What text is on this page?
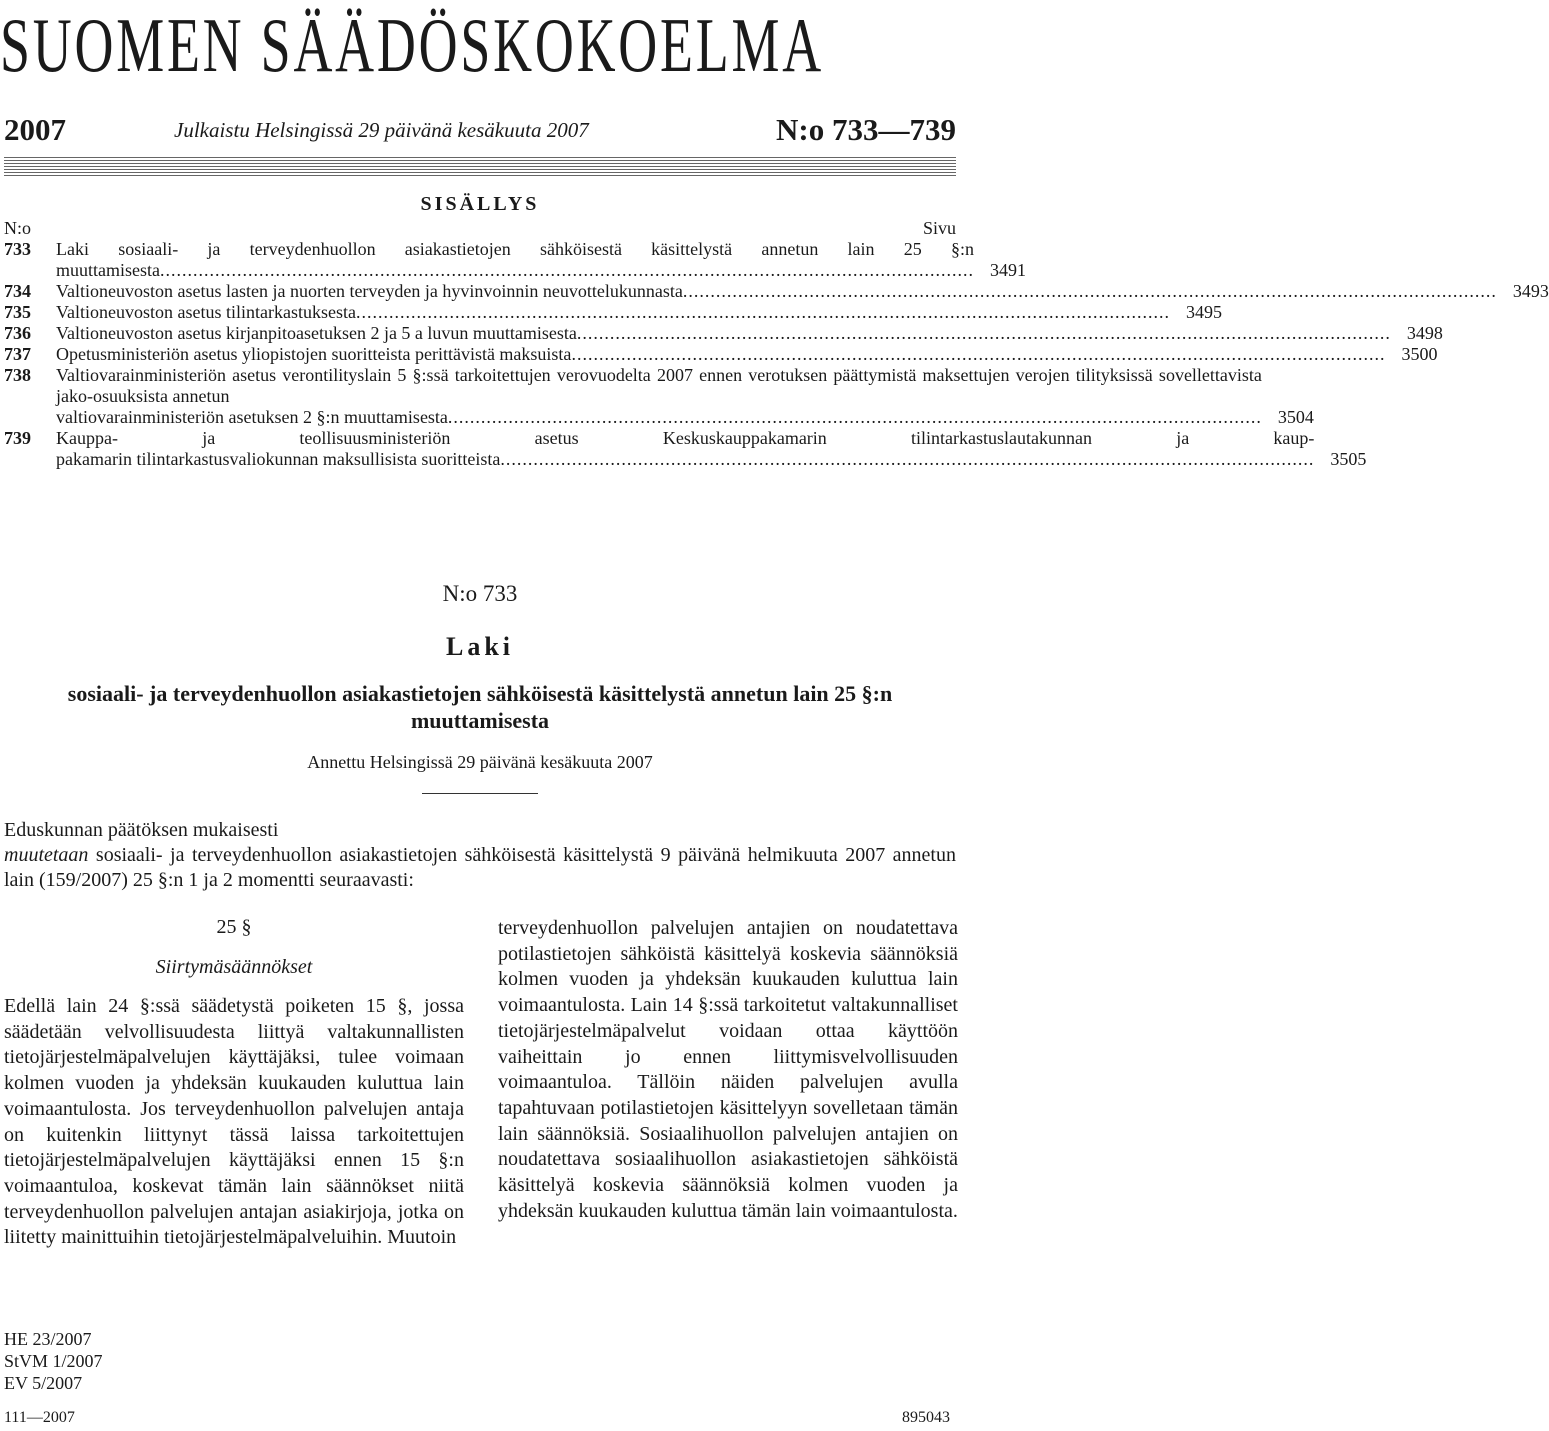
SUOMEN SÄÄDÖSKOKOELMA
2007	Julkaistu Helsingissä 29 päivänä kesäkuuta 2007	N:o 733—739
SISÄLLYS
N:o	Sivu
733	Laki sosiaali- ja terveydenhuollon asiakastietojen sähköisestä käsittelystä annetun lain 25 §:n
muuttamisesta .................................................................................................................................................... 3491
734	Valtioneuvoston asetus lasten ja nuorten terveyden ja hyvinvoinnin neuvottelukunnasta .................................................................................................................................................... 3493
735	Valtioneuvoston asetus tilintarkastuksesta .................................................................................................................................................... 3495
736	Valtioneuvoston asetus kirjanpitoasetuksen 2 ja 5 a luvun muuttamisesta .................................................................................................................................................... 3498
737	Opetusministeriön asetus yliopistojen suoritteista perittävistä maksuista .................................................................................................................................................... 3500
738	Valtiovarainministeriön asetus verontilityslain 5 §:ssä tarkoitettujen verovuodelta 2007 ennen verotuksen päättymistä maksettujen verojen tilityksissä sovellettavista jako-osuuksista annetun
valtiovarainministeriön asetuksen 2 §:n muuttamisesta .................................................................................................................................................... 3504
739	Kauppa- ja teollisuusministeriön asetus Keskuskauppakamarin tilintarkastuslautakunnan ja kaup-
pakamarin tilintarkastusvaliokunnan maksullisista suoritteista .................................................................................................................................................... 3505
N:o 733
Laki
sosiaali- ja terveydenhuollon asiakastietojen sähköisestä käsittelystä annetun lain 25 §:n muuttamisesta
Annettu Helsingissä 29 päivänä kesäkuuta 2007

Eduskunnan päätöksen mukaisesti

muutetaan sosiaali- ja terveydenhuollon asiakastietojen sähköisestä käsittelystä 9 päivänä helmikuuta 2007 annetun lain (159/2007) 25 §:n 1 ja 2 momentti seuraavasti:

25 §
Siirtymäsäännökset

Edellä lain 24 §:ssä säädetystä poiketen 15 §, jossa säädetään velvollisuudesta liittyä valtakunnallisten tietojärjestelmäpalvelujen käyttäjäksi, tulee voimaan kolmen vuoden ja yhdeksän kuukauden kuluttua lain voimaantulosta. Jos terveydenhuollon palvelujen antaja on kuitenkin liittynyt tässä laissa tarkoitettujen tietojärjestelmäpalvelujen käyttäjäksi ennen 15 §:n voimaantuloa, koskevat tämän lain säännökset niitä terveydenhuollon palvelujen antajan asiakirjoja, jotka on liitetty mainittuihin tietojärjestelmäpalveluihin. Muutoin

terveydenhuollon palvelujen antajien on noudatettava potilastietojen sähköistä käsittelyä koskevia säännöksiä kolmen vuoden ja yhdeksän kuukauden kuluttua lain voimaantulosta. Lain 14 §:ssä tarkoitetut valtakunnalliset tietojärjestelmäpalvelut voidaan ottaa käyttöön vaiheittain jo ennen liittymisvelvollisuuden voimaantuloa. Tällöin näiden palvelujen avulla tapahtuvaan potilastietojen käsittelyyn sovelletaan tämän lain säännöksiä. Sosiaalihuollon palvelujen antajien on noudatettava sosiaalihuollon asiakastietojen sähköistä käsittelyä koskevia säännöksiä kolmen vuoden ja yhdeksän kuukauden kuluttua tämän lain voimaantulosta.

HE 23/2007
StVM 1/2007
EV 5/2007
111—2007	895043
